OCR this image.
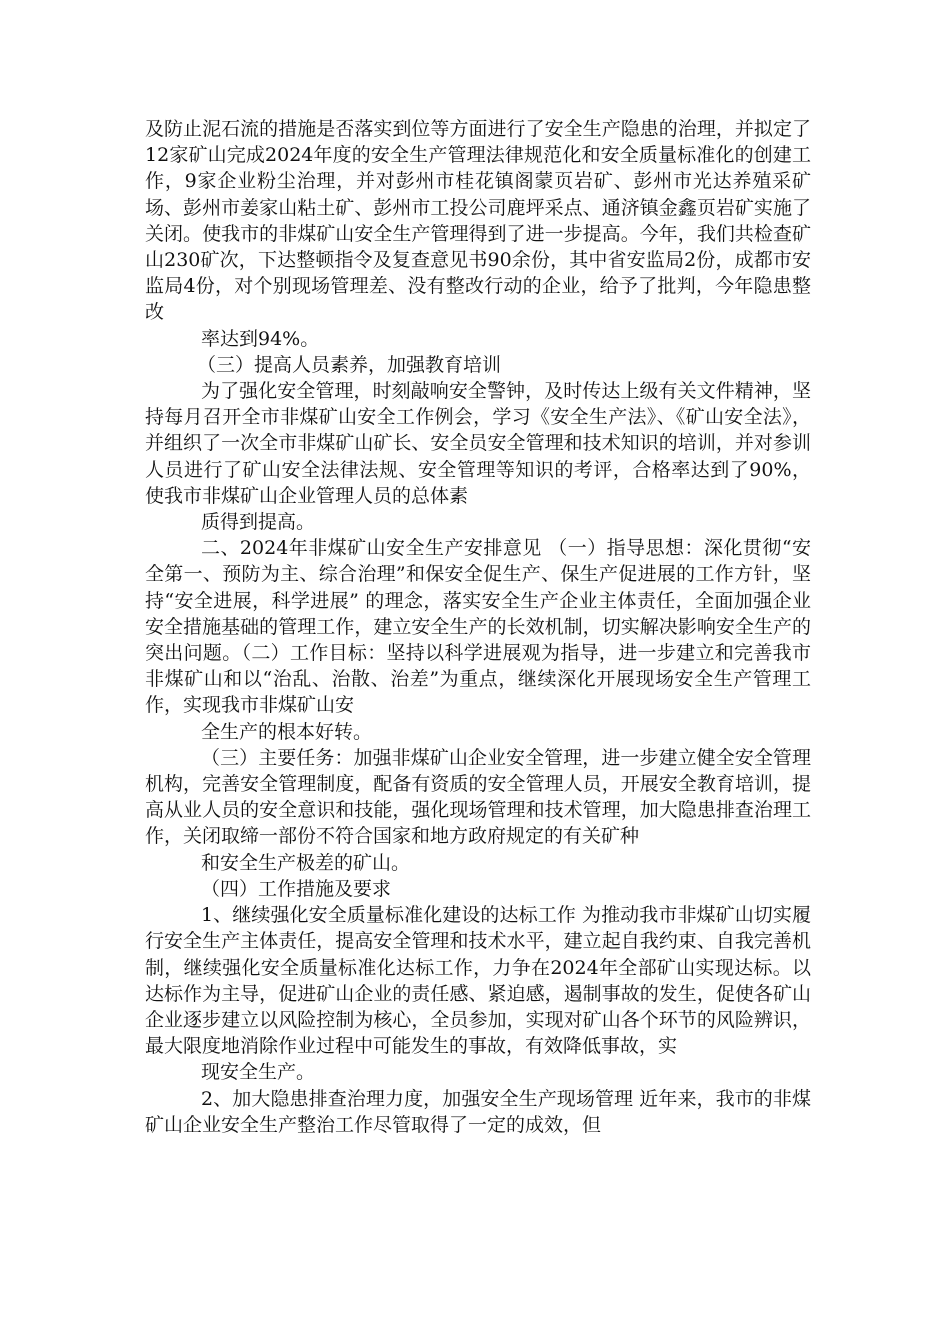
及防止泥石流的措施是否落实到位等方面进行了安全生产隐患的治理，并拟定了12家矿山完成2024年度的安全生产管理法律规范化和安全质量标准化的创建工作，9家企业粉尘治理，并对彭州市桂花镇阁蒙页岩矿、彭州市光达养殖采矿场、彭州市姜家山粘土矿、彭州市工投公司鹿坪采点、通济镇金鑫页岩矿实施了关闭。使我市的非煤矿山安全生产管理得到了进一步提高。今年，我们共检查矿山230矿次，下达整顿指令及复查意见书90余份，其中省安监局2份，成都市安监局4份，对个别现场管理差、没有整改行动的企业，给予了批判，今年隐患整改

率达到94%。

（三）提高人员素养，加强教育培训

为了强化安全管理，时刻敲响安全警钟，及时传达上级有关文件精神，坚持每月召开全市非煤矿山安全工作例会，学习《安全生产法》、《矿山安全法》，并组织了一次全市非煤矿山矿长、安全员安全管理和技术知识的培训，并对参训人员进行了矿山安全法律法规、安全管理等知识的考评，合格率达到了90%，使我市非煤矿山企业管理人员的总体素

质得到提高。

二、2024年非煤矿山安全生产安排意见 （一）指导思想：深化贯彻“安全第一、预防为主、综合治理”和保安全促生产、保生产促进展的工作方针，坚持“安全进展，科学进展” 的理念，落实安全生产企业主体责任，全面加强企业安全措施基础的管理工作，建立安全生产的长效机制，切实解决影响安全生产的突出问题。（二）工作目标：坚持以科学进展观为指导，进一步建立和完善我市非煤矿山和以“治乱、治散、治差”为重点，继续深化开展现场安全生产管理工作，实现我市非煤矿山安

全生产的根本好转。

（三）主要任务：加强非煤矿山企业安全管理，进一步建立健全安全管理机构，完善安全管理制度，配备有资质的安全管理人员，开展安全教育培训，提高从业人员的安全意识和技能，强化现场管理和技术管理，加大隐患排查治理工作，关闭取缔一部份不符合国家和地方政府规定的有关矿种

和安全生产极差的矿山。

（四）工作措施及要求

1、继续强化安全质量标准化建设的达标工作 为推动我市非煤矿山切实履行安全生产主体责任，提高安全管理和技术水平，建立起自我约束、自我完善机制，继续强化安全质量标准化达标工作，力争在2024年全部矿山实现达标。以达标作为主导，促进矿山企业的责任感、紧迫感，遏制事故的发生，促使各矿山企业逐步建立以风险控制为核心，全员参加，实现对矿山各个环节的风险辨识，最大限度地消除作业过程中可能发生的事故，有效降低事故，实

现安全生产。

2、加大隐患排查治理力度，加强安全生产现场管理 近年来，我市的非煤矿山企业安全生产整治工作尽管取得了一定的成效，但
